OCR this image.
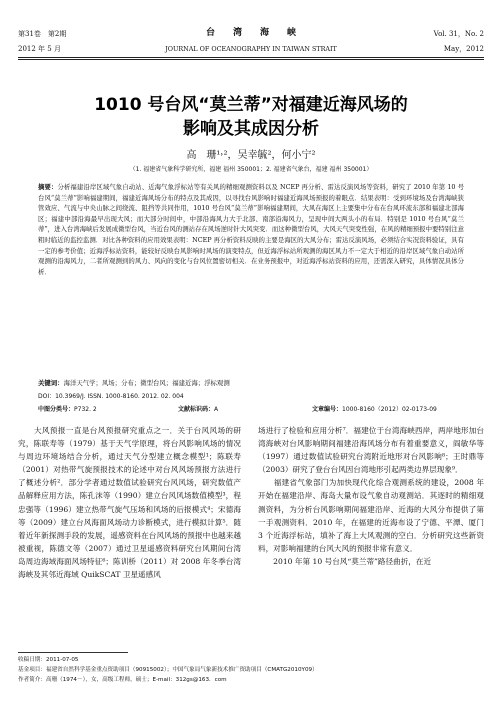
第31卷　第2期	台　　湾　　海　　峡	Vol. 31，No. 2
2012 年 5 月	JOURNAL OF OCEANOGRAPHY IN TAIWAN STRAIT	May，2012
1010 号台风“莫兰蒂”对福建近海风场的
影响及其成因分析
高　珊¹˒²，吴幸毓²，何小宁²
（1. 福建省气象科学研究所，福建 福州 350001；2. 福建省气象台，福建 福州 350001）
摘要：分析福建沿岸区域气象自动站、近海气象浮标站等有关风的精细观测资料以及 NCEP 再分析、雷达反演风场等资料，研究了 2010 年第 10 号台风“莫兰蒂”影响福建期间，福建近海风场分布的特点及其成因，以寻找台风影响时福建近海风场预报的着眼点．结果表明：受到环境场及台湾海峡狭管效应、气流与中央山脉之间绕流、阻挡等共同作用，1010 号台风“莫兰蒂”影响福建期间，大风在海区上主要集中分布在台风环流东部和福建北部海区；福建中部沿海最早出现大风；而大部分时间中，中部沿海风力大于北部、南部沿海风力，呈现中间大两头小的布局．特别是 1010 号台风“莫兰蒂”，进入台湾海峡后发展成微型台风，当近台风的测站存在风场逆时针大风突变．而这种微型台风，大风天气突变性强，在风的精细预报中要特别注意粗时临近的监控监测．对比各种资料的应用效果表明：NCEP 再分析资料反映的主要是海区的大风分布；雷达反演风场，必须结合实况资料验证，具有一定的参考价值；近海浮标站资料，能较好反映台风影响时风场的演变特点，但近海浮标站所观测的海区风力不一定大于相近的沿岸区域气象自动站所观测的沿海风力，二者所观测到的风力、风向的变化与台风位置密切相关．在业务预报中，对近海浮标站资料的应用，还需深入研究，具体情况具体分析．
关键词：海洋天气学；风场；分布；微型台风；福建近海；浮标观测
DOI：10.3969/J. ISSN. 1000-8160. 2012. 02. 004
中图分类号：P732. 2	文献标识码：A	文章编号：1000-8160（2012）02-0173-09
　　大风预报一直是台风预报研究重点之一．关于台风风场的研究，陈联寿等（1979）基于天气学原理，将台风影响风场的情况与周边环境场结合分析，通过天气分型建立概念模型¹；陈联寿（2001）对热带气旋预报技术的论述中对台风风场预报方法进行了概述分析²．部分学者通过数值试验研究台风风场，研究数值产品解释应用方法，陈孔沫等（1990）建立台风风场数值模型³，程忠强等（1996）建立热带气旋气压场和风场的后报模式⁴；宋德海等（2009）建立台风海面风场动力诊断模式，进行模拟计算⁵．随着近年新探测手段的发展，遥感资料在台风风场的预报中也越来越被重视，陈德文等（2007）通过卫星遥感资料研究台风期间台湾岛周边海域海面风场特征⁶；陈训桥（2011）对 2008 年冬季台湾海峡及其邻近海域 QuikSCAT 卫星遥感风
场进行了检验和应用分析⁷．福建位于台湾海峡西岸，两岸地形加台湾海峡对台风影响期间福建沿海风场分布有着重要意义，阎敏华等（1997）通过数值试验研究台湾附近地形对台风影响⁸；王时鼎等（2003）研究了登台台风因台湾地形引起两类边界层现象⁹．
　　福建省气象部门为加快现代化综合观测系统的建设，2008 年开始在福建沿岸、海岛大量布设气象自动观测站．其逐时的精细观测资料，为分析台风影响期间福建沿岸、近海的大风分布提供了第一手观测资料．2010 年，在福建的近海布设了宁德、平潭、厦门 3 个近海浮标站，填补了海上大风观测的空白．分析研究这些新资料，对影响福建的台风大风的预报非常有意义．
　　2010 年第 10 号台风“莫兰蒂”路径曲折，在近

收稿日期：2011-07-05

基金项目：福建省自然科学基金重点资助项目（90915002）；中国气象局气象新技术推广资助项目（CMATG2010Y09）

作者简介：高珊（1974－），女，高级工程师，硕士；E-mail：312gs@163．com
